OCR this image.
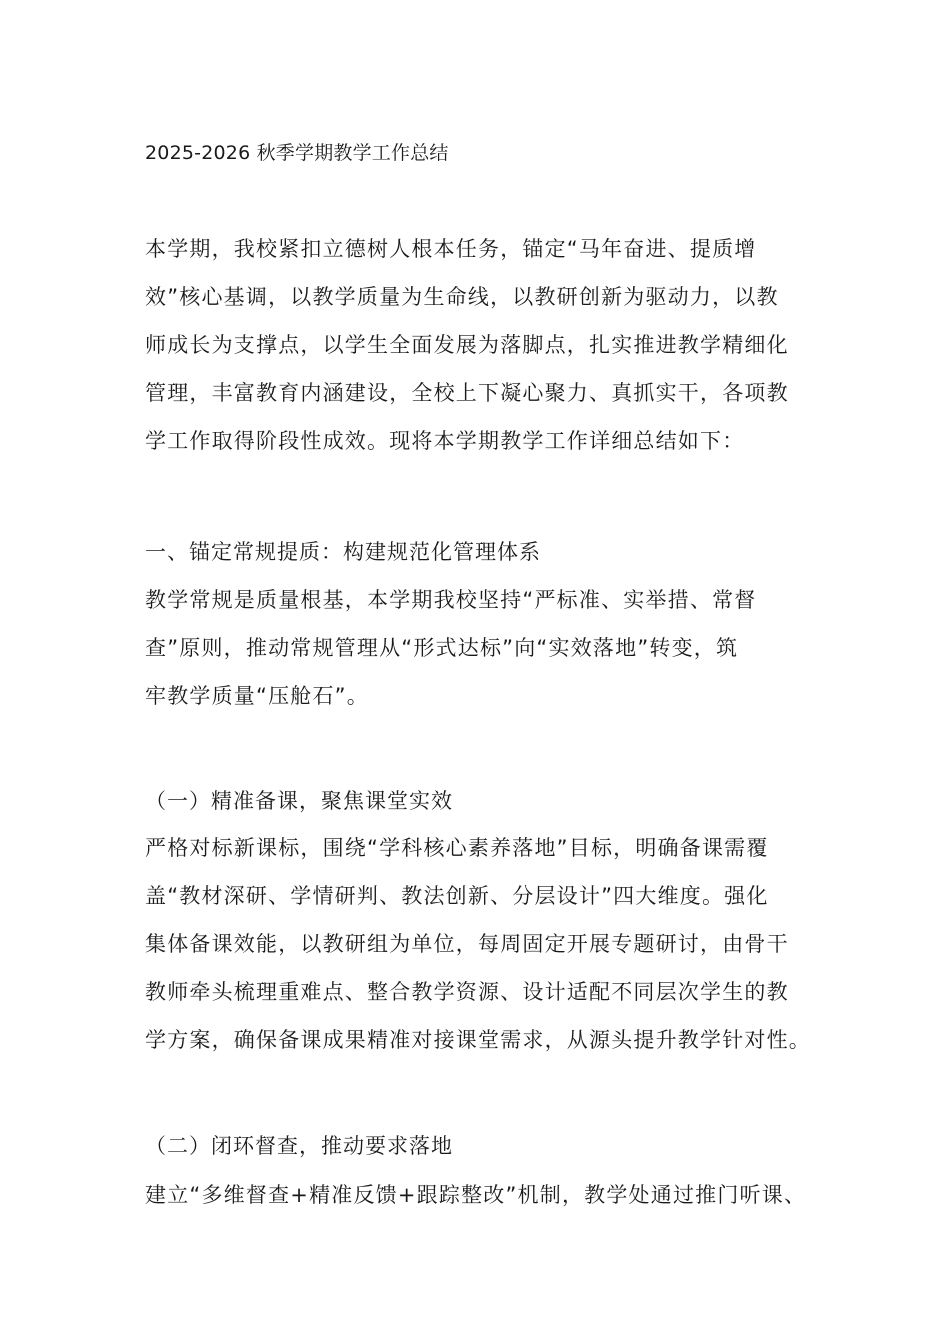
2025-2026 秋季学期教学工作总结

本学期，我校紧扣立德树人根本任务，锚定“马年奋进、提质增

效”核心基调，以教学质量为生命线，以教研创新为驱动力，以教

师成长为支撑点，以学生全面发展为落脚点，扎实推进教学精细化

管理，丰富教育内涵建设，全校上下凝心聚力、真抓实干，各项教

学工作取得阶段性成效。现将本学期教学工作详细总结如下：

一、锚定常规提质：构建规范化管理体系

教学常规是质量根基，本学期我校坚持“严标准、实举措、常督

查”原则，推动常规管理从“形式达标”向“实效落地”转变，筑

牢教学质量“压舱石”。

（一）精准备课，聚焦课堂实效

严格对标新课标，围绕“学科核心素养落地”目标，明确备课需覆

盖“教材深研、学情研判、教法创新、分层设计”四大维度。强化

集体备课效能，以教研组为单位，每周固定开展专题研讨，由骨干

教师牵头梳理重难点、整合教学资源、设计适配不同层次学生的教

学方案，确保备课成果精准对接课堂需求，从源头提升教学针对性。

（二）闭环督查，推动要求落地

建立“多维督查+精准反馈+跟踪整改”机制，教学处通过推门听课、
